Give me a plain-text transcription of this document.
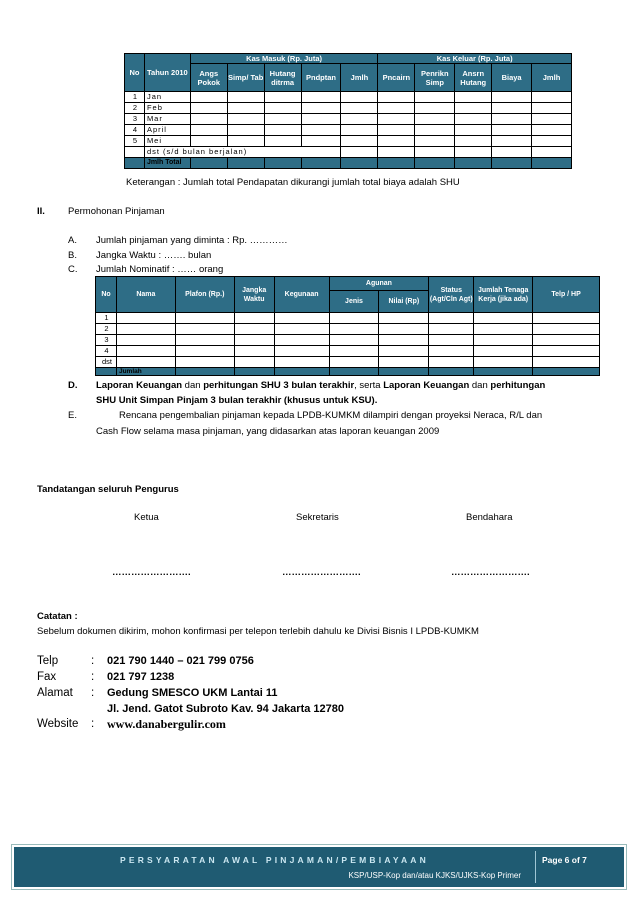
No	Tahun 2010	Kas Masuk (Rp. Juta)					Kas Keluar (Rp. Juta)				
		Angs Pokok	Simp/ Tab	Hutang ditrma	Pndptan	Jmlh	Pncairn	Penrikn Simp	Ansrn Hutang	Biaya	Jmlh
1	Jan										
2	Feb										
3	Mar										
4	April										
5	Mei										
	dst (s/d bulan berjalan)										
	Jmlh Total										
Keterangan : Jumlah total Pendapatan dikurangi jumlah total biaya adalah SHU
II. Permohonan Pinjaman
A. Jumlah pinjaman yang diminta : Rp. …………
B. Jangka Waktu : ……. bulan
C. Jumlah Nominatif : …… orang
No	Nama	Plafon (Rp.)	Jangka Waktu	Kegunaan	Agunan		Status (Agt/Cln Agt)	Jumlah Tenaga Kerja (jika ada)	Telp / HP
					Jenis	Nilai (Rp)			
1									
2									
3									
4									
dst									
	Jumlah								
D. Laporan Keuangan dan perhitungan SHU 3 bulan terakhir, serta Laporan Keuangan dan perhitungan
SHU Unit Simpan Pinjam 3 bulan terakhir (khusus untuk KSU).
E.	Rencana pengembalian pinjaman kepada LPDB-KUMKM dilampiri dengan proyeksi Neraca, R/L dan
Cash Flow selama masa pinjaman, yang didasarkan atas laporan keuangan 2009
Tandatangan seluruh Pengurus
Ketua	Sekretaris	Bendahara
…………………….	…………………….	…………………….
Catatan :
Sebelum dokumen dikirim, mohon konfirmasi per telepon terlebih dahulu ke Divisi Bisnis I LPDB-KUMKM
Telp	: 021 790 1440 – 021 799 0756
Fax	: 021 797 1238
Alamat : Gedung SMESCO UKM Lantai 11
Jl. Jend. Gatot Subroto Kav. 94 Jakarta 12780
Website : www.danabergulir.com
PERSYARATAN AWAL PINJAMAN/PEMBIAYAAN
KSP/USP-Kop dan/atau KJKS/UJKS-Kop Primer
Page 6 of 7
